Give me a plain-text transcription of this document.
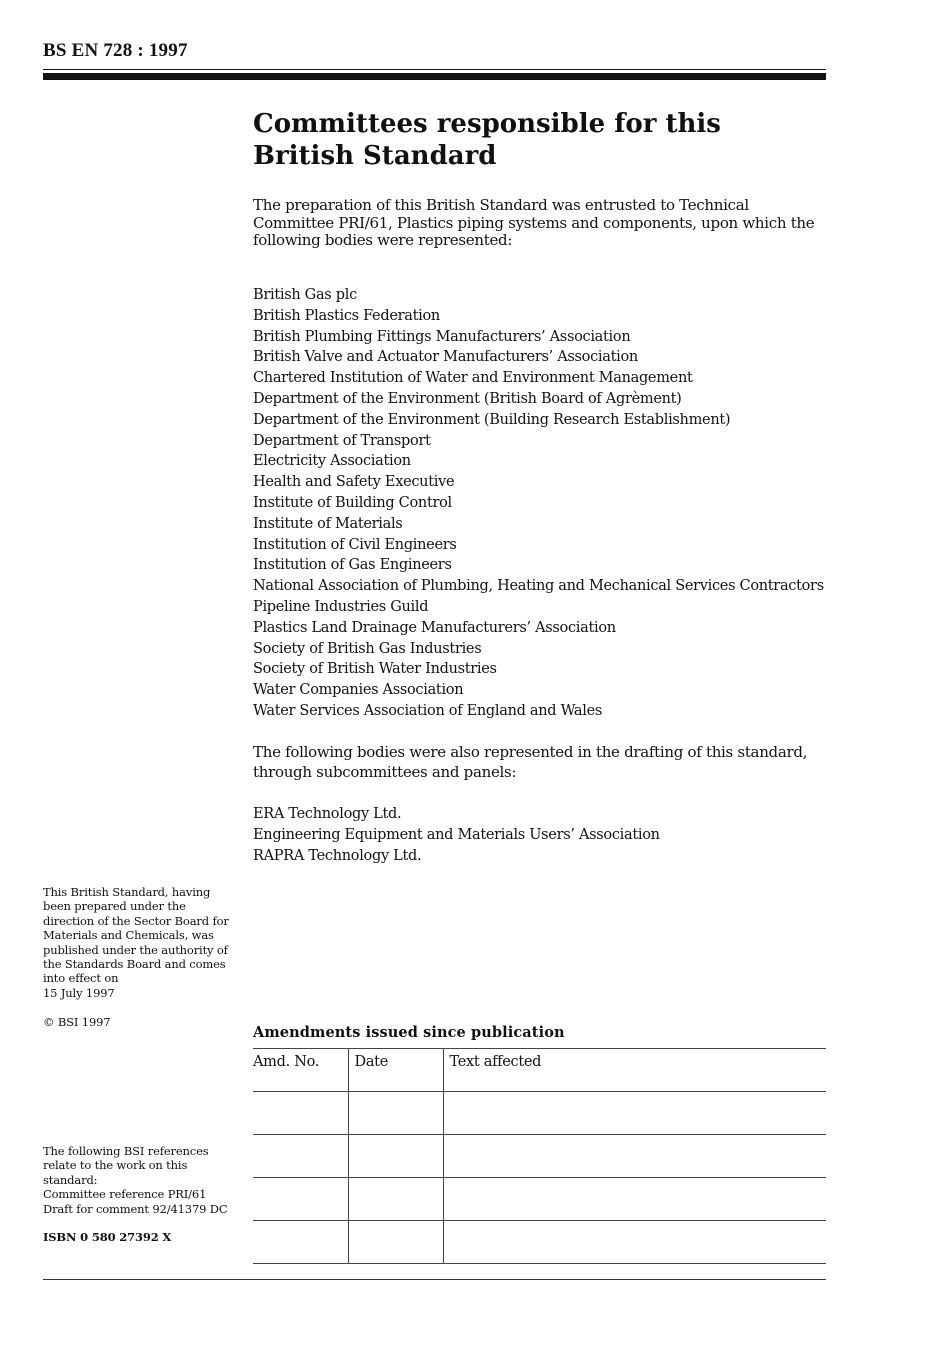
BS EN 728 : 1997
Committees responsible for this
British Standard

The preparation of this British Standard was entrusted to Technical Committee PRI/61, Plastics piping systems and components, upon which the following bodies were represented:

British Gas plc
British Plastics Federation
British Plumbing Fittings Manufacturers’ Association
British Valve and Actuator Manufacturers’ Association
Chartered Institution of Water and Environment Management
Department of the Environment (British Board of Agrèment)
Department of the Environment (Building Research Establishment)
Department of Transport
Electricity Association
Health and Safety Executive
Institute of Building Control
Institute of Materials
Institution of Civil Engineers
Institution of Gas Engineers
National Association of Plumbing, Heating and Mechanical Services Contractors
Pipeline Industries Guild
Plastics Land Drainage Manufacturers’ Association
Society of British Gas Industries
Society of British Water Industries
Water Companies Association
Water Services Association of England and Wales

The following bodies were also represented in the drafting of this standard, through subcommittees and panels:

ERA Technology Ltd.
Engineering Equipment and Materials Users’ Association
RAPRA Technology Ltd.
This British Standard, having
been prepared under the
direction of the Sector Board for
Materials and Chemicals, was
published under the authority of
the Standards Board and comes
into effect on
15 July 1997
© BSI 1997
The following BSI references
relate to the work on this
standard:
Committee reference PRI/61
Draft for comment 92/41379 DC
ISBN 0 580 27392 X
Amendments issued since publication
Amd. No.	Date	Text affected
